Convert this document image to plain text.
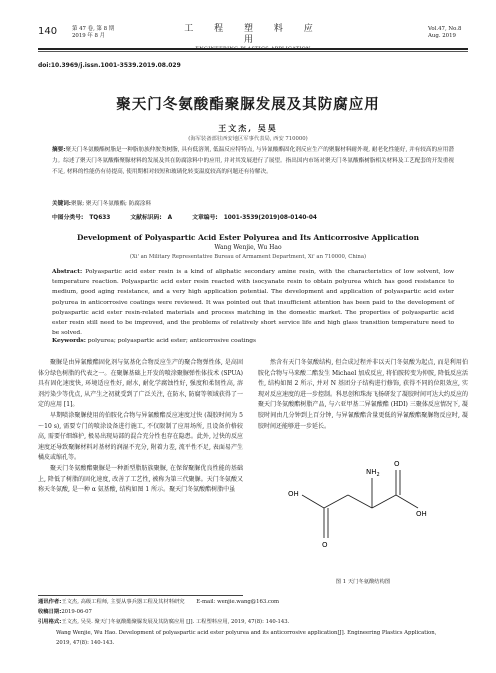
140	第 47 卷, 第 8 期
2019 年 8 月
工 程 塑 料 应 用
Vol.47, No.8
Aug. 2019
doi:10.3969/j.issn.1001-3539.2019.08.029
聚天门冬氨酸酯聚脲发展及其防腐应用
王文杰, 吴昊
(海军装备部驻西安地区军事代表局, 西安 710000)
摘要:聚天门冬氨酸酯树脂是一种脂肪族仲胺类树脂, 具有低溶剂, 低温反应特特点, 与异氰酸酯固化剂反应生产的聚脲材料耐外观, 耐老化性能好, 并有较高的应用潜力。综述了聚天门冬氨酸酯聚脲材料的发展及其在防腐涂料中的应用, 并对其发展进行了展望。指出国内市场对聚天门冬氨酸酯树脂相关材料及工艺配套的开发重视不足, 材料的性能仍有待提高, 使用期相对较短和玻璃化转变温度较高的问题还有待解决。
关键词:聚脲; 聚天门冬氨酸酯; 防腐涂料
中图分类号: TQ633	文献标识码: A	文章编号: 1001-3539(2019)08-0140-04
Development of Polyaspartic Acid Ester Polyurea and Its Anticorrosive Application
Wang Wenjie, Wu Hao
(Xi' an Military Representative Bureau of Armament Department, Xi' an 710000, China)
Abstract: Polyaspartic acid ester resin is a kind of aliphatic secondary amine resin, with the characteristics of low solvent, low temperature reaction. Polyaspartic acid ester resin reacted with isocyanate resin to obtain polyurea which has good resistance to medium, good aging resistance, and a very high application potential. The development and application of polyaspartic acid ester polyurea in anticorrosive coatings were reviewed. It was pointed out that insufficient attention has been paid to the development of polyaspartic acid ester resin-related materials and process matching in the domestic market. The properties of polyaspartic acid ester resin still need to be improved, and the problems of relatively short service life and high glass transition temperature need to be solved.
Keywords: polyurea; polyaspartic acid ester; anticorrosive coatings

聚脲是由异氰酸酯固化剂与氨基化合物反应生产的聚合物弹性体, 是高固体分绿色树脂的代表之一。在聚脲基础上开发的喷涂聚脲弹性体技术 (SPUA) 具有固化速度快, 环境适应性好, 耐水, 耐化学腐蚀性好, 强度和柔韧性高, 溶剂污染少等优点, 从产生之初就受到了广泛关注, 在防水, 防腐等领域获得了一定的应用 [1]。

早期喷涂聚脲使用的伯胺化合物与异氰酸酯反应速度过快 (凝胶时间为 5～10 s), 需要专门的喷涂设备进行施工, 不仅限制了应用场所, 且设备价格较高, 需要仔细维护, 极易出现局部的混合充分性也存在隐患。此外, 过快的反应速度还导致聚脲材料对基材的润湿不充分, 附着力差, 流平性不足, 表面易产生橘皮或缩孔等。

聚天门冬氨酸酯聚脲是一种新型脂肪族聚脲, 在保留聚脲优良性能的基础上, 降低了树脂的固化速度, 改善了工艺性, 被称为第三代聚脲。天门冬氨酸又称天冬氨酸, 是一种 α 氨基酸, 结构如图 1 所示。聚天门冬氨酸酯树脂中虽

然含有天门冬氨酸结构, 但合成过程并非以天门冬氨酸为起点, 而是利用伯胺化合物与马来酸二酯发生 Michael 加成反应, 将伯胺转变为仲胺, 降低反应活性, 结构如图 2 所示, 并对 N 基团分子结构进行修饰, 获得不同的位阻效应, 实现对反应速度的进一步控制。科思创和珠海飞扬研发了凝胶时间可达大约反应的聚天门冬氨酸酯树脂产品, 与六亚甲基二异氰酸酯 (HDI) 三聚体反应情况下, 凝胶时间由几分钟到上百分钟, 与异氰酸酯含量更低的异氰酸酯聚脲物反应时, 凝胶时间还能够进一步延长。

$NH_2$
O
OH
OH
O
图 1 天门冬氨酸结构图
通讯作者:王文杰, 高级工程师, 主要从事兵器工程及其材料研究 E-mail: wenjie.wang@163.com
收稿日期:2019-06-07
引用格式:王文杰, 吴昊. 聚天门冬氨酸酯聚脲发展及其防腐应用 [J]. 工程塑料应用, 2019, 47(8): 140-143.
Wang Wenjie, Wu Hao. Development of polyaspartic acid ester polyurea and its anticorrosive application[J]. Engineering Plastics Application,
2019, 47(8): 140-143.
